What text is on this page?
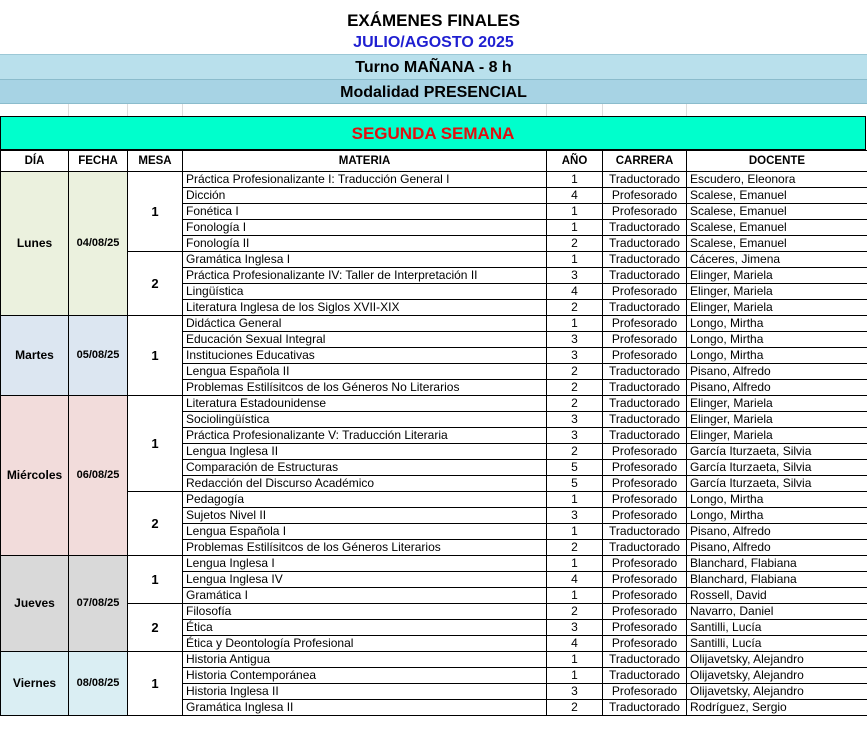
EXÁMENES FINALES
JULIO/AGOSTO 2025
Turno MAÑANA - 8 h
Modalidad PRESENCIAL
SEGUNDA SEMANA
DÍA	FECHA	MESA	MATERIA	AÑO	CARRERA	DOCENTE
Lunes	04/08/25	1	Práctica Profesionalizante I: Traducción General I	1	Traductorado	Escudero, Eleonora
			Dicción	4	Profesorado	Scalese, Emanuel
			Fonética I	1	Profesorado	Scalese, Emanuel
			Fonología I	1	Traductorado	Scalese, Emanuel
			Fonología II	2	Traductorado	Scalese, Emanuel
		2	Gramática Inglesa I	1	Traductorado	Cáceres, Jimena
			Práctica Profesionalizante IV: Taller de Interpretación II	3	Traductorado	Elinger, Mariela
			Lingüística	4	Profesorado	Elinger, Mariela
			Literatura Inglesa de los Siglos XVII-XIX	2	Traductorado	Elinger, Mariela
Martes	05/08/25	1	Didáctica General	1	Profesorado	Longo, Mirtha
			Educación Sexual Integral	3	Profesorado	Longo, Mirtha
			Instituciones Educativas	3	Profesorado	Longo, Mirtha
			Lengua Española II	2	Traductorado	Pisano, Alfredo
			Problemas Estilísitcos de los Géneros No Literarios	2	Traductorado	Pisano, Alfredo
Miércoles	06/08/25	1	Literatura Estadounidense	2	Traductorado	Elinger, Mariela
			Sociolingüística	3	Traductorado	Elinger, Mariela
			Práctica Profesionalizante V: Traducción Literaria	3	Traductorado	Elinger, Mariela
			Lengua Inglesa II	2	Profesorado	García Iturzaeta, Silvia
			Comparación de Estructuras	5	Profesorado	García Iturzaeta, Silvia
			Redacción del Discurso Académico	5	Profesorado	García Iturzaeta, Silvia
		2	Pedagogía	1	Profesorado	Longo, Mirtha
			Sujetos Nivel II	3	Profesorado	Longo, Mirtha
			Lengua Española I	1	Traductorado	Pisano, Alfredo
			Problemas Estilísitcos de los Géneros Literarios	2	Traductorado	Pisano, Alfredo
Jueves	07/08/25	1	Lengua Inglesa I	1	Profesorado	Blanchard, Flabiana
			Lengua Inglesa IV	4	Profesorado	Blanchard, Flabiana
			Gramática I	1	Profesorado	Rossell, David
		2	Filosofía	2	Profesorado	Navarro, Daniel
			Ética	3	Profesorado	Santilli, Lucía
			Ética y Deontología Profesional	4	Profesorado	Santilli, Lucía
Viernes	08/08/25	1	Historia Antigua	1	Traductorado	Olijavetsky, Alejandro
			Historia Contemporánea	1	Traductorado	Olijavetsky, Alejandro
			Historia Inglesa II	3	Profesorado	Olijavetsky, Alejandro
			Gramática Inglesa II	2	Traductorado	Rodríguez, Sergio
